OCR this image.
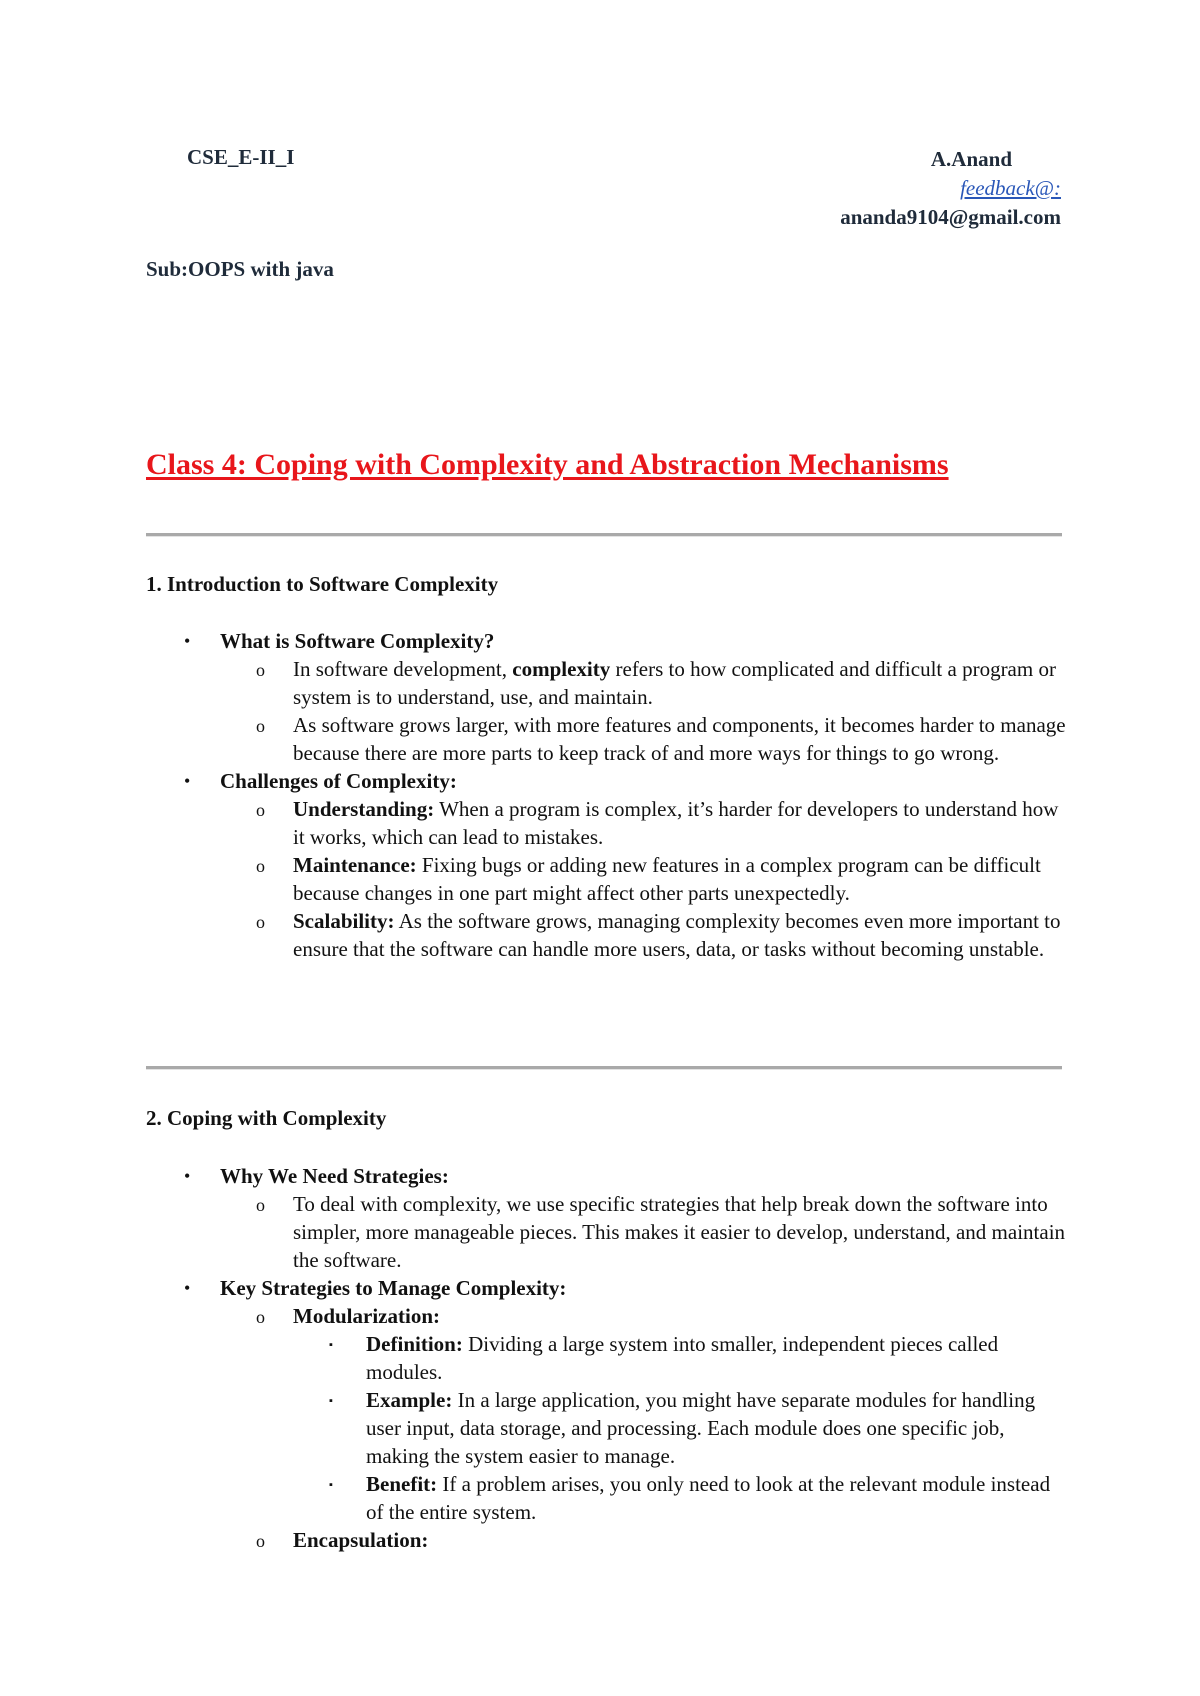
CSE_E-II_I	A.Anand
feedback@:
ananda9104@gmail.com
Sub:OOPS with java
Class 4: Coping with Complexity and Abstraction Mechanisms
1. Introduction to Software Complexity
• What is Software Complexity?
o In software development, complexity refers to how complicated and difficult a program or system is to understand, use, and maintain.
o As software grows larger, with more features and components, it becomes harder to manage because there are more parts to keep track of and more ways for things to go wrong.
• Challenges of Complexity:
o Understanding: When a program is complex, it’s harder for developers to understand how it works, which can lead to mistakes.
o Maintenance: Fixing bugs or adding new features in a complex program can be difficult because changes in one part might affect other parts unexpectedly.
o Scalability: As the software grows, managing complexity becomes even more important to ensure that the software can handle more users, data, or tasks without becoming unstable.
2. Coping with Complexity
• Why We Need Strategies:
o To deal with complexity, we use specific strategies that help break down the software into simpler, more manageable pieces. This makes it easier to develop, understand, and maintain the software.
• Key Strategies to Manage Complexity:
o Modularization:
▪ Definition: Dividing a large system into smaller, independent pieces called modules.
▪ Example: In a large application, you might have separate modules for handling user input, data storage, and processing. Each module does one specific job, making the system easier to manage.
▪ Benefit: If a problem arises, you only need to look at the relevant module instead of the entire system.
o Encapsulation:
